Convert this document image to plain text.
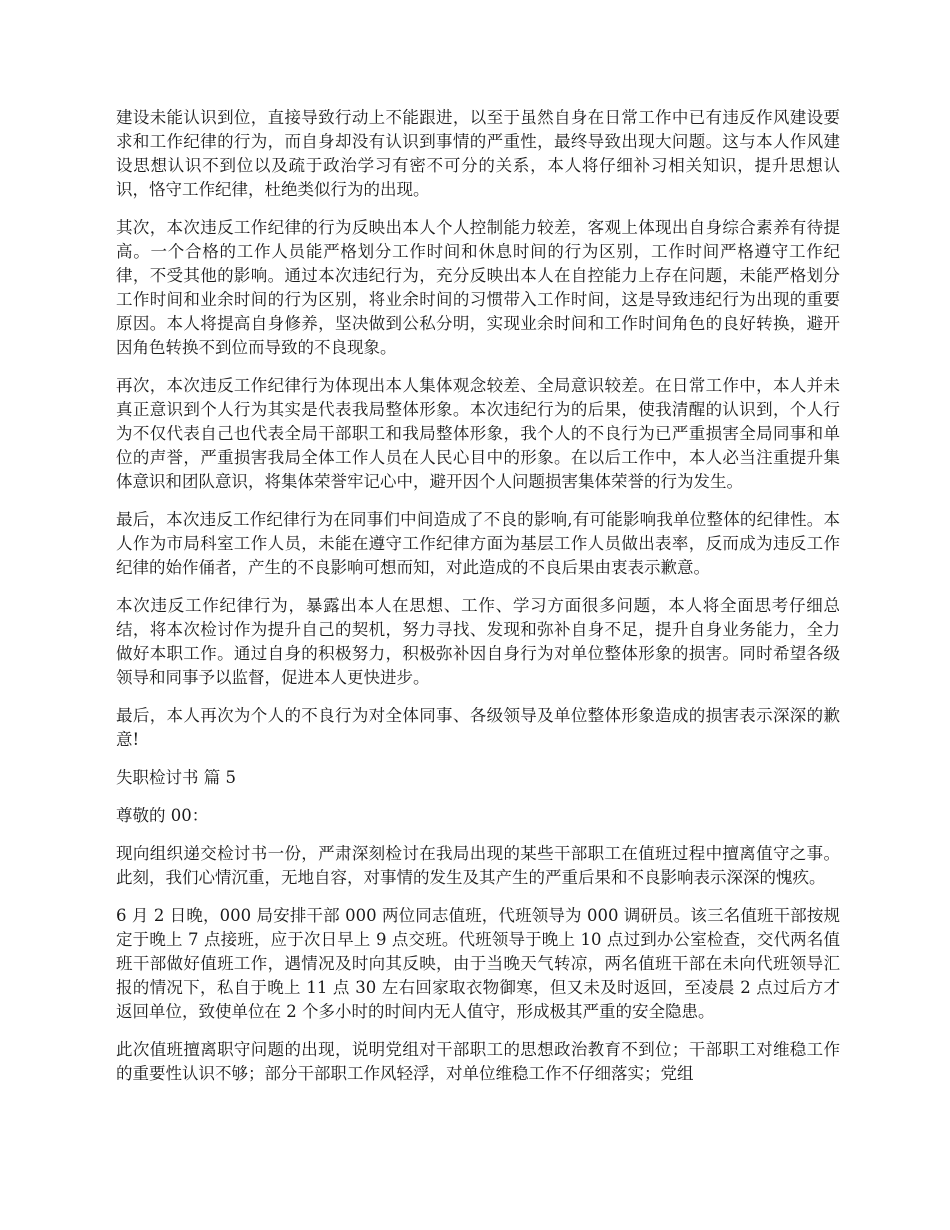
建设未能认识到位，直接导致行动上不能跟进，以至于虽然自身在日常工作中已有违反作风建设要求和工作纪律的行为，而自身却没有认识到事情的严重性，最终导致出现大问题。这与本人作风建设思想认识不到位以及疏于政治学习有密不可分的关系，本人将仔细补习相关知识，提升思想认识，恪守工作纪律，杜绝类似行为的出现。

其次，本次违反工作纪律的行为反映出本人个人控制能力较差，客观上体现出自身综合素养有待提高。一个合格的工作人员能严格划分工作时间和休息时间的行为区别，工作时间严格遵守工作纪律，不受其他的影响。通过本次违纪行为，充分反映出本人在自控能力上存在问题，未能严格划分工作时间和业余时间的行为区别，将业余时间的习惯带入工作时间，这是导致违纪行为出现的重要原因。本人将提高自身修养，坚决做到公私分明，实现业余时间和工作时间角色的良好转换，避开因角色转换不到位而导致的不良现象。

再次，本次违反工作纪律行为体现出本人集体观念较差、全局意识较差。在日常工作中，本人并未真正意识到个人行为其实是代表我局整体形象。本次违纪行为的后果，使我清醒的认识到，个人行为不仅代表自己也代表全局干部职工和我局整体形象，我个人的不良行为已严重损害全局同事和单位的声誉，严重损害我局全体工作人员在人民心目中的形象。在以后工作中，本人必当注重提升集体意识和团队意识，将集体荣誉牢记心中，避开因个人问题损害集体荣誉的行为发生。

最后，本次违反工作纪律行为在同事们中间造成了不良的影响,有可能影响我单位整体的纪律性。本人作为市局科室工作人员，未能在遵守工作纪律方面为基层工作人员做出表率，反而成为违反工作纪律的始作俑者，产生的不良影响可想而知，对此造成的不良后果由衷表示歉意。

本次违反工作纪律行为，暴露出本人在思想、工作、学习方面很多问题，本人将全面思考仔细总结，将本次检讨作为提升自己的契机，努力寻找、发现和弥补自身不足，提升自身业务能力，全力做好本职工作。通过自身的积极努力，积极弥补因自身行为对单位整体形象的损害。同时希望各级领导和同事予以监督，促进本人更快进步。

最后，本人再次为个人的不良行为对全体同事、各级领导及单位整体形象造成的损害表示深深的歉意!

失职检讨书 篇 5

尊敬的 00：

现向组织递交检讨书一份，严肃深刻检讨在我局出现的某些干部职工在值班过程中擅离值守之事。此刻，我们心情沉重，无地自容，对事情的发生及其产生的严重后果和不良影响表示深深的愧疚。

6 月 2 日晚，000 局安排干部 000 两位同志值班，代班领导为 000 调研员。该三名值班干部按规定于晚上 7 点接班，应于次日早上 9 点交班。代班领导于晚上 10 点过到办公室检查，交代两名值班干部做好值班工作，遇情况及时向其反映，由于当晚天气转凉，两名值班干部在未向代班领导汇报的情况下，私自于晚上 11 点 30 左右回家取衣物御寒，但又未及时返回，至凌晨 2 点过后方才返回单位，致使单位在 2 个多小时的时间内无人值守，形成极其严重的安全隐患。

此次值班擅离职守问题的出现，说明党组对干部职工的思想政治教育不到位；干部职工对维稳工作的重要性认识不够；部分干部职工作风轻浮，对单位维稳工作不仔细落实；党组
